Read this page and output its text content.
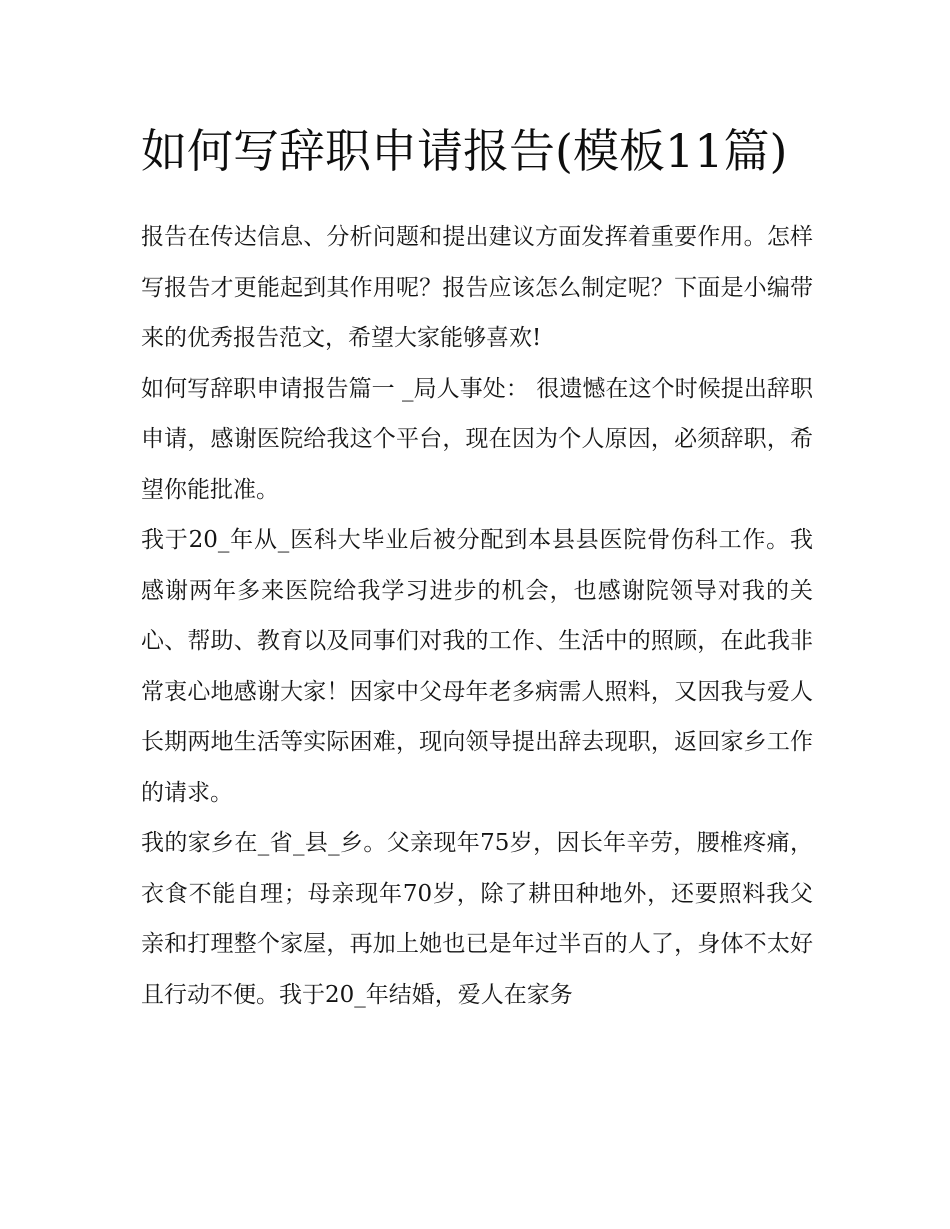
如何写辞职申请报告(模板11篇)

报告在传达信息、分析问题和提出建议方面发挥着重要作用。怎样写报告才更能起到其作用呢？报告应该怎么制定呢？下面是小编带来的优秀报告范文，希望大家能够喜欢!

如何写辞职申请报告篇一 _局人事处： 很遗憾在这个时候提出辞职申请，感谢医院给我这个平台，现在因为个人原因，必须辞职，希望你能批准。

我于20_年从_医科大毕业后被分配到本县县医院骨伤科工作。我感谢两年多来医院给我学习进步的机会，也感谢院领导对我的关心、帮助、教育以及同事们对我的工作、生活中的照顾，在此我非常衷心地感谢大家！因家中父母年老多病需人照料，又因我与爱人长期两地生活等实际困难，现向领导提出辞去现职，返回家乡工作的请求。

我的家乡在_省_县_乡。父亲现年75岁，因长年辛劳，腰椎疼痛，衣食不能自理；母亲现年70岁，除了耕田种地外，还要照料我父亲和打理整个家屋，再加上她也已是年过半百的人了，身体不太好且行动不便。我于20_年结婚，爱人在家务
